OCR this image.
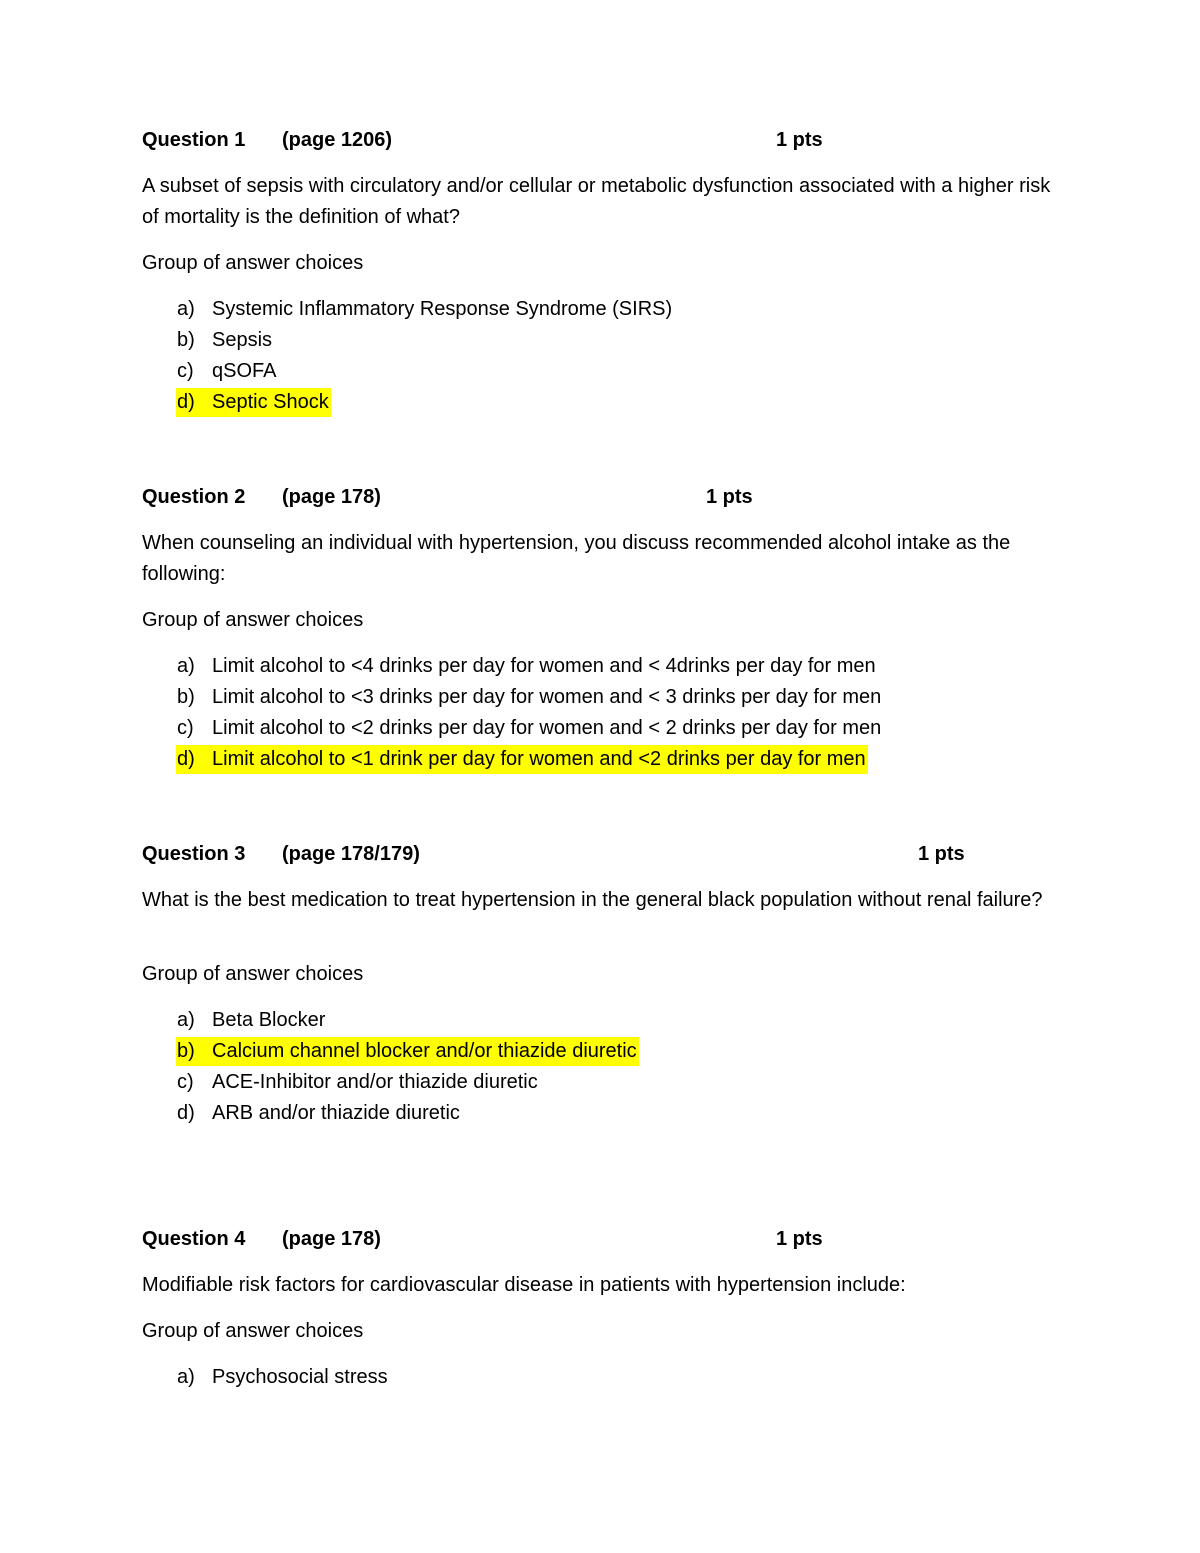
Question 1 (page 1206)	1 pts
A subset of sepsis with circulatory and/or cellular or metabolic dysfunction associated with a higher risk of mortality is the definition of what?
Group of answer choices
a) Systemic Inflammatory Response Syndrome (SIRS)
b) Sepsis
c) qSOFA
d) Septic Shock
Question 2 (page 178)	1 pts
When counseling an individual with hypertension, you discuss recommended alcohol intake as the following:
Group of answer choices
a) Limit alcohol to <4 drinks per day for women and < 4drinks per day for men
b) Limit alcohol to <3 drinks per day for women and < 3 drinks per day for men
c) Limit alcohol to <2 drinks per day for women and < 2 drinks per day for men
d) Limit alcohol to <1 drink per day for women and <2 drinks per day for men
Question 3 (page 178/179)	1 pts
What is the best medication to treat hypertension in the general black population without renal failure?
Group of answer choices
a) Beta Blocker
b) Calcium channel blocker and/or thiazide diuretic
c) ACE-Inhibitor and/or thiazide diuretic
d) ARB and/or thiazide diuretic
Question 4 (page 178)	1 pts
Modifiable risk factors for cardiovascular disease in patients with hypertension include:
Group of answer choices
a) Psychosocial stress
